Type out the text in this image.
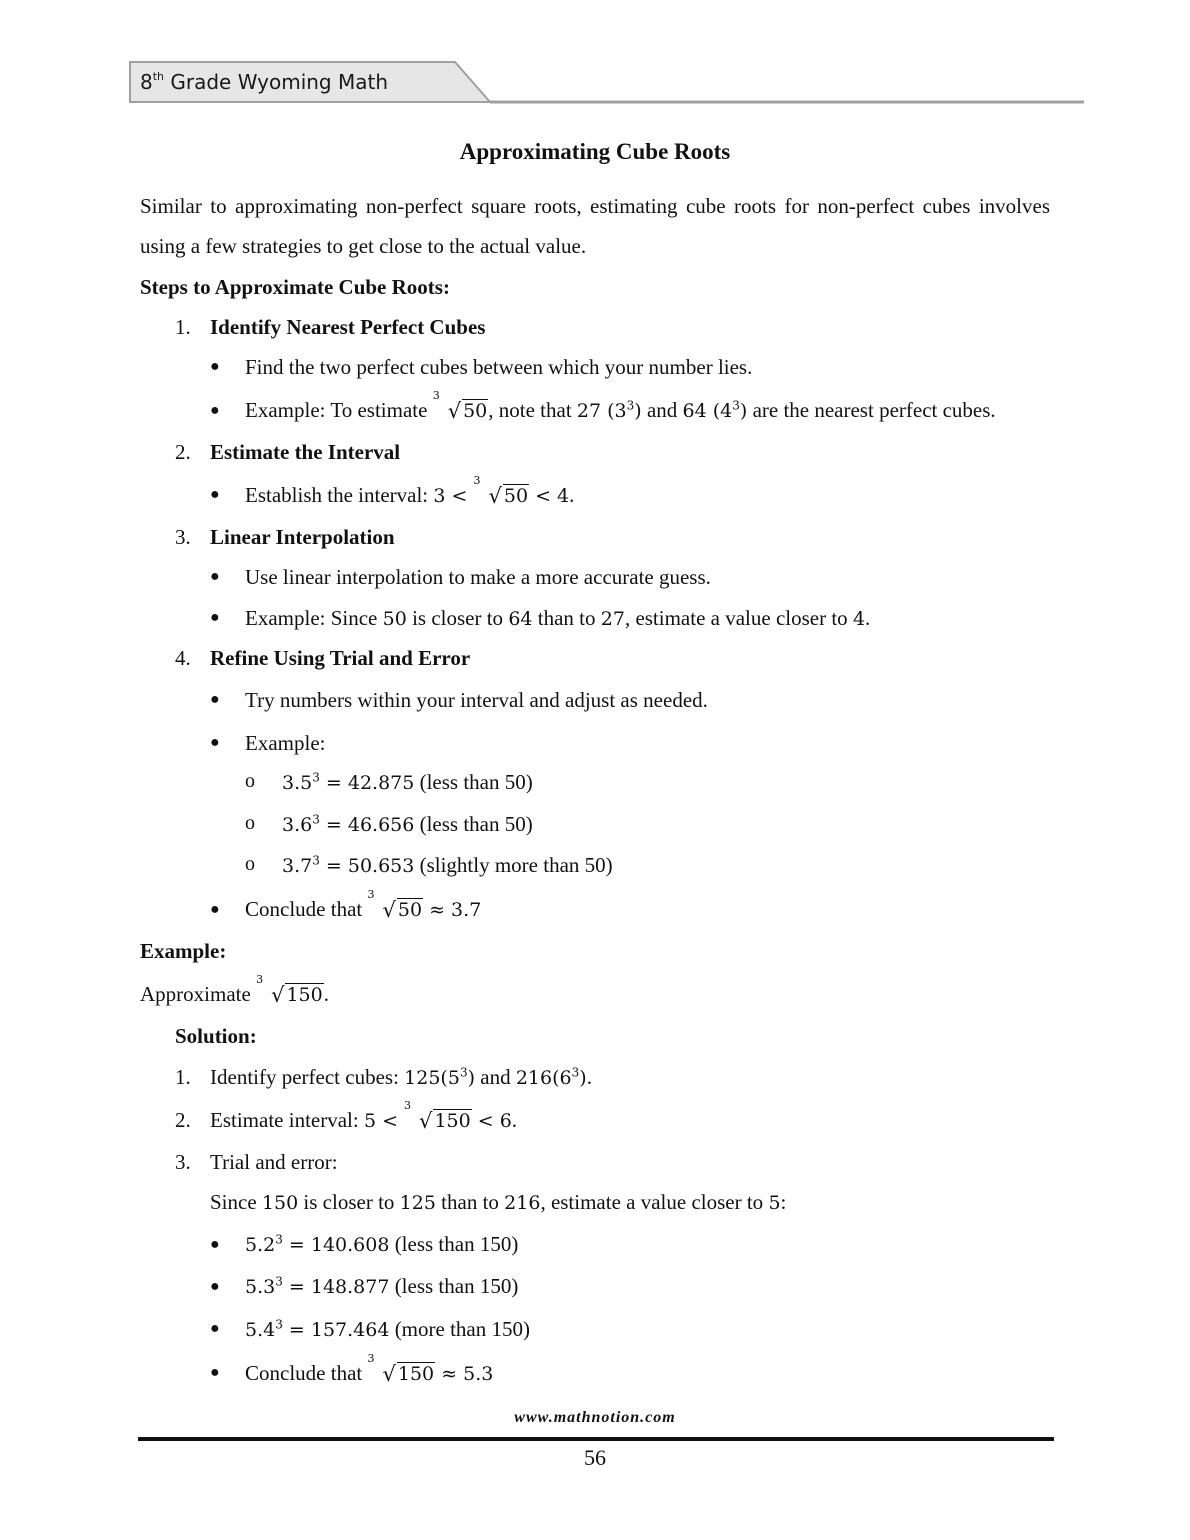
8th Grade Wyoming Math
Approximating Cube Roots
Similar to approximating non-perfect square roots, estimating cube roots for non-perfect cubes involves using a few strategies to get close to the actual value.
Steps to Approximate Cube Roots:
1. Identify Nearest Perfect Cubes
● Find the two perfect cubes between which your number lies.
● Example: To estimate
3
√ 50, note that 27 $(3^3)$ and 64 $(4^3)$ are the nearest perfect cubes.
2. Estimate the Interval
● Establish the interval: 3 <
3
√ 50 < 4.
3. Linear Interpolation
● Use linear interpolation to make a more accurate guess.
● Example: Since 50 is closer to 64 than to 27, estimate a value closer to 4.
4. Refine Using Trial and Error
● Try numbers within your interval and adjust as needed.
● Example:
o $3.5^3 = 42.875$ (less than 50)
o $3.6^3 = 46.656$ (less than 50)
o $3.7^3 = 50.653$ (slightly more than 50)
● Conclude that
3
√ 50 ≈ 3.7
Example:
Approximate
3
√ 150.
Solution:
1. Identify perfect cubes: $125(5^3)$ and $216(6^3)$.
2. Estimate interval: 5 <
3
√ 150 < 6.
3. Trial and error:
Since 150 is closer to 125 than to 216, estimate a value closer to 5:
● $5.2^3 = 140.608$ (less than 150)
● $5.3^3 = 148.877$ (less than 150)
● $5.4^3 = 157.464$ (more than 150)
● Conclude that
3
√ 150 ≈ 5.3
www.mathnotion.com
56
